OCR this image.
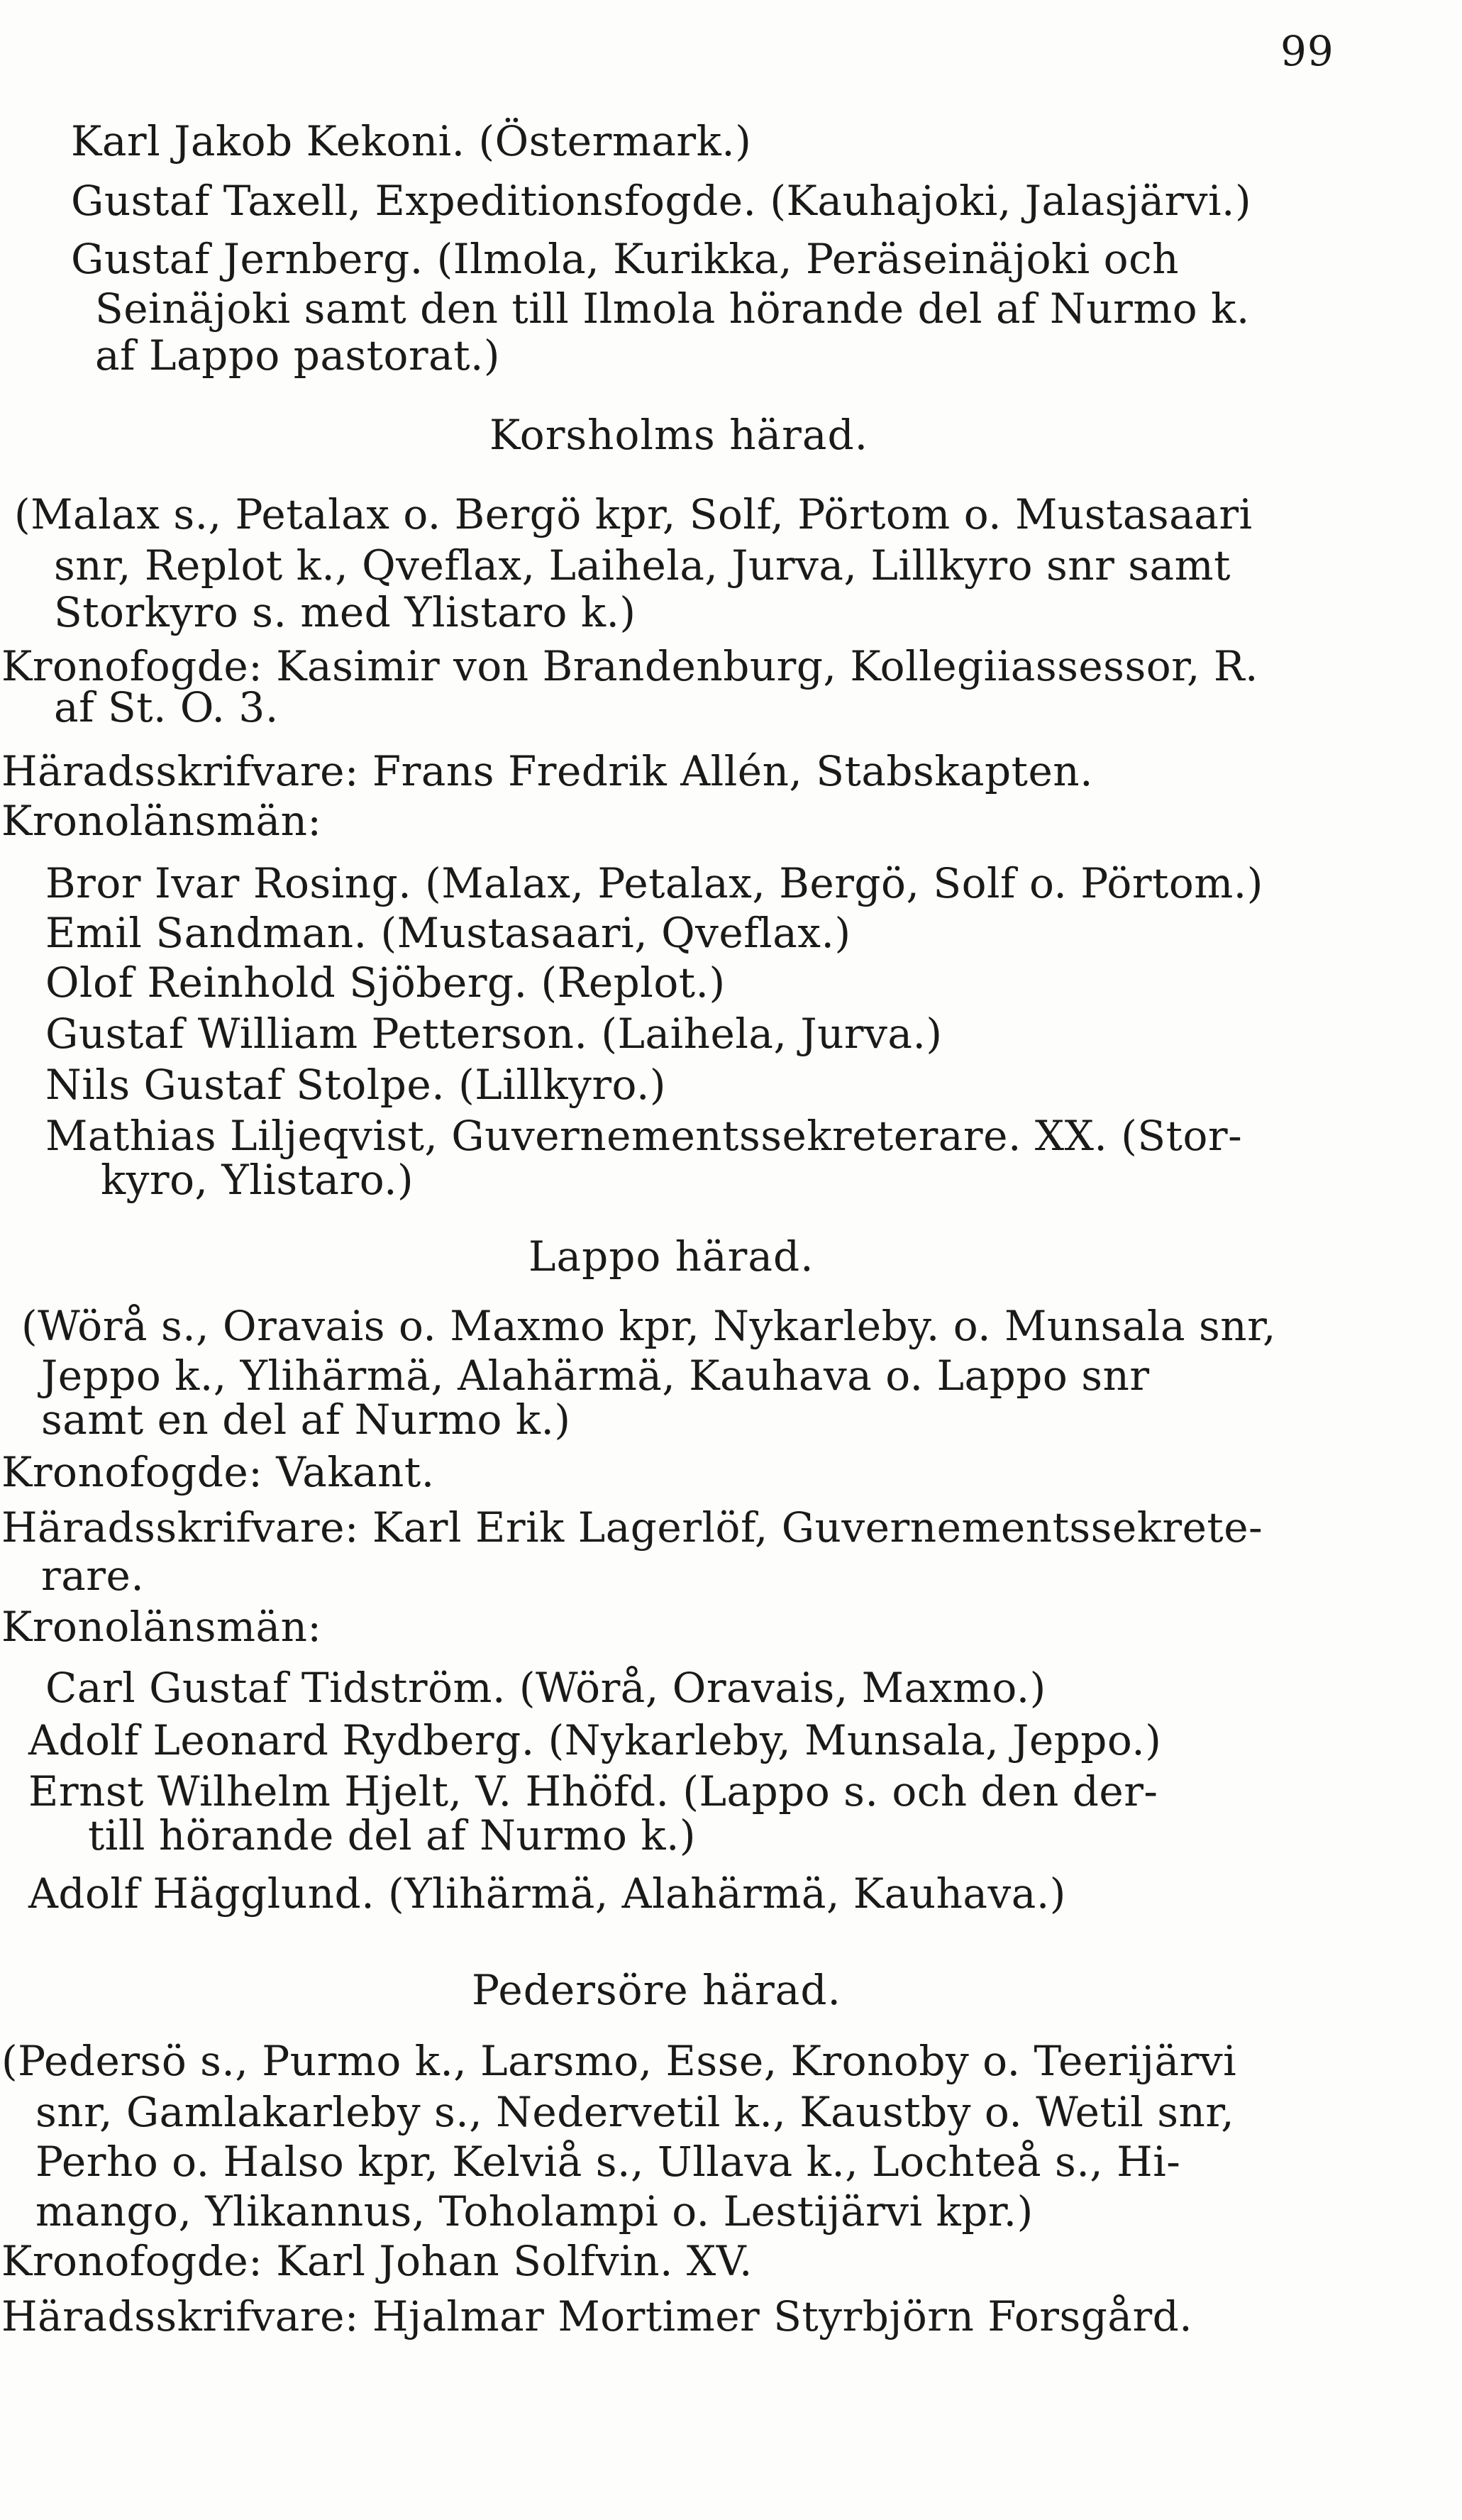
99
Karl Jakob Kekoni. (Östermark.)
Gustaf Taxell, Expeditionsfogde. (Kauhajoki, Jalasjärvi.)
Gustaf Jernberg. (Ilmola, Kurikka, Peräseinäjoki och
Seinäjoki samt den till Ilmola hörande del af Nurmo k.
af Lappo pastorat.)
Korsholms härad.
(Malax s., Petalax o. Bergö kpr, Solf, Pörtom o. Mustasaari
snr, Replot k., Qveflax, Laihela, Jurva, Lillkyro snr samt
Storkyro s. med Ylistaro k.)
Kronofogde: Kasimir von Brandenburg, Kollegiiassessor, R.
af St. O. 3.
Häradsskrifvare: Frans Fredrik Allén, Stabskapten.
Kronolänsmän:
Bror Ivar Rosing. (Malax, Petalax, Bergö, Solf o. Pörtom.)
Emil Sandman. (Mustasaari, Qveflax.)
Olof Reinhold Sjöberg. (Replot.)
Gustaf William Petterson. (Laihela, Jurva.)
Nils Gustaf Stolpe. (Lillkyro.)
Mathias Liljeqvist, Guvernementssekreterare. XX. (Stor-
kyro, Ylistaro.)
Lappo härad.
(Wörå s., Oravais o. Maxmo kpr, Nykarleby. o. Munsala snr,
Jeppo k., Ylihärmä, Alahärmä, Kauhava o. Lappo snr
samt en del af Nurmo k.)
Kronofogde: Vakant.
Häradsskrifvare: Karl Erik Lagerlöf, Guvernementssekrete-
rare.
Kronolänsmän:
Carl Gustaf Tidström. (Wörå, Oravais, Maxmo.)
Adolf Leonard Rydberg. (Nykarleby, Munsala, Jeppo.)
Ernst Wilhelm Hjelt, V. Hhöfd. (Lappo s. och den der-
till hörande del af Nurmo k.)
Adolf Hägglund. (Ylihärmä, Alahärmä, Kauhava.)
Pedersöre härad.
(Pedersö s., Purmo k., Larsmo, Esse, Kronoby o. Teerijärvi
snr, Gamlakarleby s., Nedervetil k., Kaustby o. Wetil snr,
Perho o. Halso kpr, Kelviå s., Ullava k., Lochteå s., Hi-
mango, Ylikannus, Toholampi o. Lestijärvi kpr.)
Kronofogde: Karl Johan Solfvin. XV.
Häradsskrifvare: Hjalmar Mortimer Styrbjörn Forsgård.
